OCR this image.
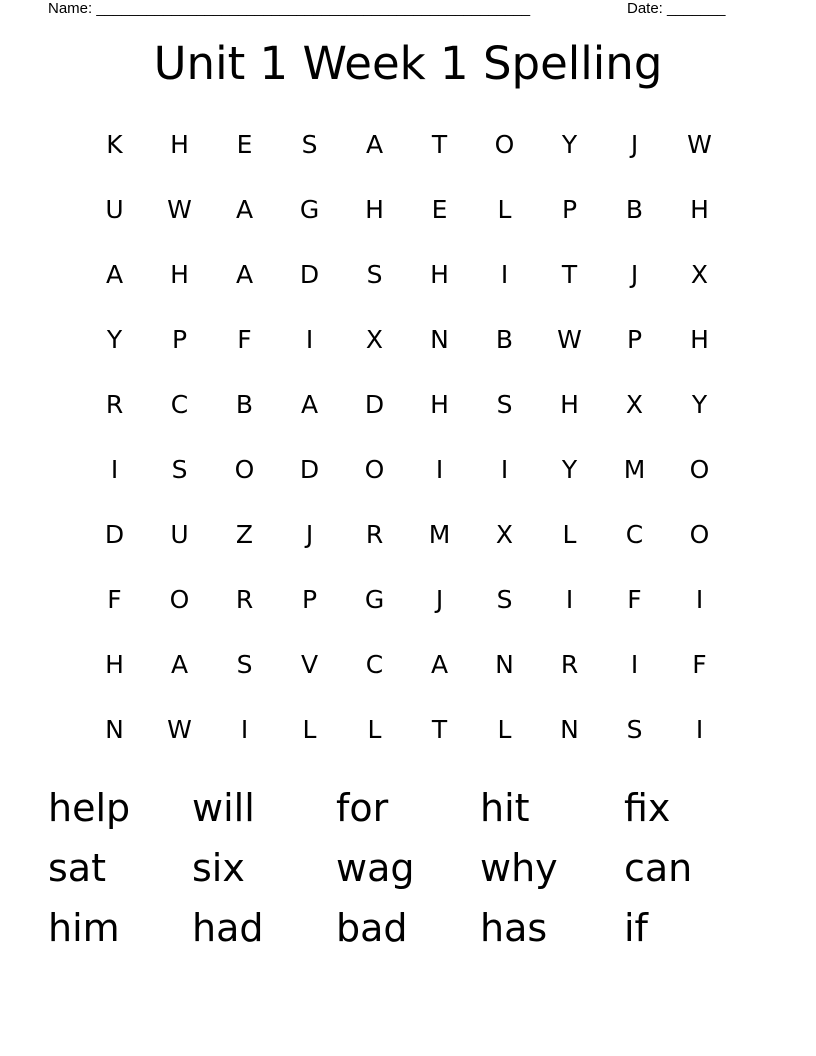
Name: ____________________________________________________	Date: _______
Unit 1 Week 1 Spelling
K	H	E	S	A	T	O	Y	J	W
U	W	A	G	H	E	L	P	B	H
A	H	A	D	S	H	I	T	J	X
Y	P	F	I	X	N	B	W	P	H
R	C	B	A	D	H	S	H	X	Y
I	S	O	D	O	I	I	Y	M	O
D	U	Z	J	R	M	X	L	C	O
F	O	R	P	G	J	S	I	F	I
H	A	S	V	C	A	N	R	I	F
N	W	I	L	L	T	L	N	S	I
help	will	for	hit	fix
sat	six	wag	why	can
him	had	bad	has	if
